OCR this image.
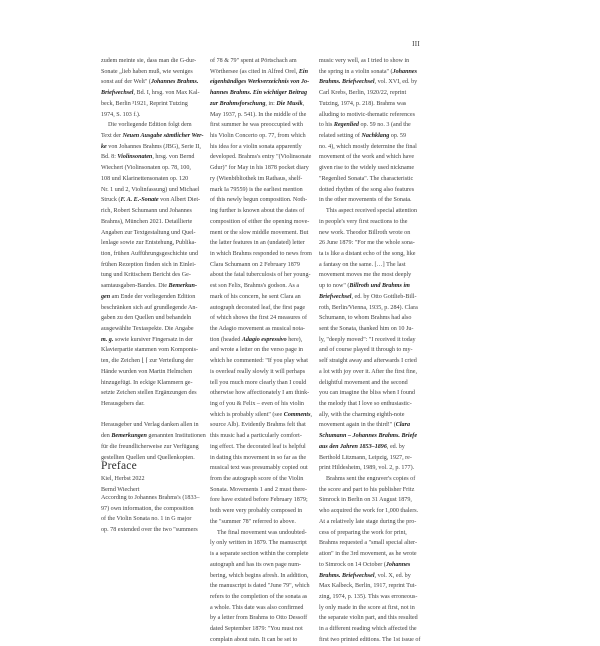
III
zudem meinte sie, dass man die G-dur-
Sonate „lieb haben muß, wie weniges
sonst auf der Welt" (Johannes Brahms.
Briefwechsel, Bd. I, hrsg. von Max Kal-
beck, Berlin ³1921, Reprint Tutzing
1974, S. 103 f.).
Die vorliegende Edition folgt dem
Text der Neuen Ausgabe sämtlicher Wer-
ke von Johannes Brahms (JBG), Serie II,
Bd. 8: Violinsonaten, hrsg. von Bernd
Wiechert (Violinsonaten op. 78, 100,
108 und Klarinettensonaten op. 120
Nr. 1 und 2, Violinfassung) und Michael
Struck (F. A. E.-Sonate von Albert Diet-
rich, Robert Schumann und Johannes
Brahms), München 2021. Detaillierte
Angaben zur Textgestaltung und Quel-
lenlage sowie zur Entstehung, Publika-
tion, frühen Aufführungsgeschichte und
frühen Rezeption finden sich in Einlei-
tung und Kritischem Bericht des Ge-
samtausgaben-Bandes. Die Bemerkun-
gen am Ende der vorliegenden Edition
beschränken sich auf grundlegende An-
gaben zu den Quellen und behandeln
ausgewählte Textaspekte. Die Angabe
m. g. sowie kursiver Fingersatz in der
Klavierpartie stammen vom Komponis-
ten, die Zeichen ⌊ ⌈ zur Verteilung der
Hände wurden von Martin Helmchen
hinzugefügt. In eckige Klammern ge-
setzte Zeichen stellen Ergänzungen des
Herausgebers dar.
Herausgeber und Verlag danken allen in
den Bemerkungen genannten Institutionen
für die freundlicherweise zur Verfügung
gestellten Quellen und Quellenkopien.
Kiel, Herbst 2022
Bernd Wiechert
Preface
According to Johannes Brahms's (1833–
97) own information, the composition
of the Violin Sonata no. 1 in G major
op. 78 extended over the two "summers
of 78 & 79" spent at Pörtschach am
Wörthersee (as cited in Alfred Orel, Ein
eigenhändiges Werkverzeichnis von Jo-
hannes Brahms. Ein wichtiger Beitrag
zur Brahmsforschung, in: Die Musik,
May 1937, p. 541). In the middle of the
first summer he was preoccupied with
his Violin Concerto op. 77, from which
his idea for a violin sonata apparently
developed. Brahms's entry "(Violinsonate
Gdur)" for May in his 1878 pocket diary
ry (Wienbibliothek im Rathaus, shelf-
mark Ia 79559) is the earliest mention
of this newly begun composition. Noth-
ing further is known about the dates of
composition of either the opening move-
ment or the slow middle movement. But
the latter features in an (undated) letter
in which Brahms responded to news from
Clara Schumann on 2 February 1879
about the fatal tuberculosis of her young-
est son Felix, Brahms's godson. As a
mark of his concern, he sent Clara an
autograph decorated leaf, the first page
of which shows the first 24 measures of
the Adagio movement as musical nota-
tion (headed Adagio espressivo here),
and wrote a letter on the verso page in
which he commented: "If you play what
is overleaf really slowly it will perhaps
tell you much more clearly than I could
otherwise how affectionately I am think-
ing of you & Felix – even of his violin
which is probably silent" (see Comments,
source Alb). Evidently Brahms felt that
this music had a particularly comfort-
ing effect. The decorated leaf is helpful
in dating this movement in so far as the
musical text was presumably copied out
from the autograph score of the Violin
Sonata. Movements 1 and 2 must there-
fore have existed before February 1879;
both were very probably composed in
the "summer 78" referred to above.
The final movement was undoubted-
ly only written in 1879. The manuscript
is a separate section within the complete
autograph and has its own page num-
bering, which begins afresh. In addition,
the manuscript is dated "June 79", which
refers to the completion of the sonata as
a whole. This date was also confirmed
by a letter from Brahms to Otto Dessoff
dated September 1879: "You must not
complain about rain. It can be set to
music very well, as I tried to show in
the spring in a violin sonata" (Johannes
Brahms. Briefwechsel, vol. XVI, ed. by
Carl Krebs, Berlin, 1920/22, reprint
Tutzing, 1974, p. 218). Brahms was
alluding to motivic-thematic references
to his Regenlied op. 59 no. 3 (and the
related setting of Nachklang op. 59
no. 4), which mostly determine the final
movement of the work and which have
given rise to the widely used nickname
"Regenlied Sonata". The characteristic
dotted rhythm of the song also features
in the other movements of the Sonata.
This aspect received special attention
in people's very first reactions to the
new work. Theodor Billroth wrote on
26 June 1879: "For me the whole sona-
ta is like a distant echo of the song, like
a fantasy on the same. […] The last
movement moves me the most deeply
up to now" (Billroth und Brahms im
Briefwechsel, ed. by Otto Gottlieb-Bill-
roth, Berlin/Vienna, 1935, p. 284). Clara
Schumann, to whom Brahms had also
sent the Sonata, thanked him on 10 Ju-
ly, "deeply moved": "I received it today
and of course played it through to my-
self straight away and afterwards I cried
a lot with joy over it. After the first fine,
delightful movement and the second
you can imagine the bliss when I found
the melody that I love so enthusiastic-
ally, with the charming eighth-note
movement again in the third!" (Clara
Schumann – Johannes Brahms. Briefe
aus den Jahren 1853–1896, ed. by
Berthold Litzmann, Leipzig, 1927, re-
print Hildesheim, 1989, vol. 2, p. 177).
Brahms sent the engraver's copies of
the score and part to his publisher Fritz
Simrock in Berlin on 31 August 1879,
who acquired the work for 1,000 thalers.
At a relatively late stage during the pro-
cess of preparing the work for print,
Brahms requested a "small special alter-
ation" in the 3rd movement, as he wrote
to Simrock on 14 October (Johannes
Brahms. Briefwechsel, vol. X, ed. by
Max Kalbeck, Berlin, 1917, reprint Tut-
zing, 1974, p. 135). This was erroneous-
ly only made in the score at first, not in
the separate violin part, and this resulted
in a different reading which affected the
first two printed editions. The 1st issue of
